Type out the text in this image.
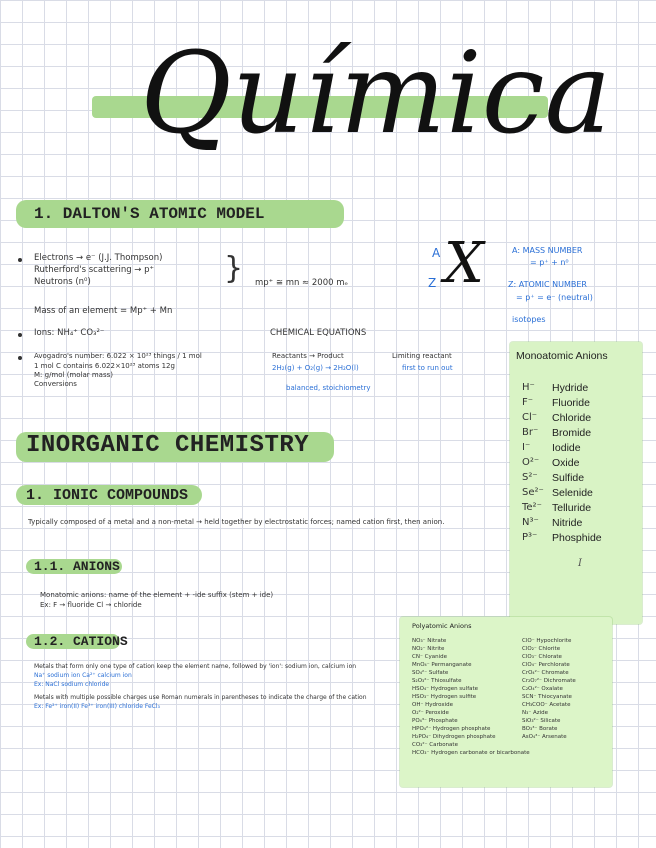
Química
1. DALTON'S ATOMIC MODEL
Electrons → e⁻ (J.J. Thompson)
Rutherford's scattering → p⁺
Neutrons (n⁰)	} mp⁺ ≅ mn ≈ 2000 mₑ
Mass of an element = Mp⁺ + Mn
Ions: NH₄⁺ CO₃²⁻	CHEMICAL EQUATIONS
Avogadro's number: 6.022 × 10²³ things / 1 mol
1 mol C contains 6.022×10²³ atoms 12g
M: g/mol (molar mass)
Conversions
Reactants → Product
2H₂(g) + O₂(g) → 2H₂O(l)
balanced, stoichiometry
Limiting reactant
first to run out
A
Z X	A: MASS NUMBER
= p⁺ + n⁰
Z: ATOMIC NUMBER
= p⁺ = e⁻ (neutral)
isotopes
INORGANIC CHEMISTRY
1. IONIC COMPOUNDS
Typically composed of a metal and a non-metal → held together by electrostatic forces; named cation first, then anion.
1.1. ANIONS
Monatomic anions: name of the element + -ide suffix (stem + ide)
Ex: F → fluoride Cl → chloride
1.2. CATIONS
Metals that form only one type of cation keep the element name, followed by 'ion': sodium ion, calcium ion
Na⁺ sodium ion Ca²⁺ calcium ion
Ex: NaCl sodium chloride
Metals with multiple possible charges use Roman numerals in parentheses to indicate the charge of the cation
Ex: Fe²⁺ iron(II) Fe³⁺ iron(III) chloride FeCl₃
Monoatomic Anions
H⁻	Hydride
F⁻	Fluoride
Cl⁻	Chloride
Br⁻	Bromide
I⁻	Iodide
O²⁻	Oxide
S²⁻	Sulfide
Se²⁻ Selenide
Te²⁻ Telluride
N³⁻	Nitride
P³⁻	Phosphide
I
Polyatomic Anions
NO₃⁻ Nitrate
NO₂⁻ Nitrite
CN⁻ Cyanide
MnO₄⁻ Permanganate
SO₄²⁻ Sulfate
S₂O₃²⁻ Thiosulfate
HSO₄⁻ Hydrogen sulfate
HSO₃⁻ Hydrogen sulfite
OH⁻ Hydroxide
O₂²⁻ Peroxide
PO₄³⁻ Phosphate
HPO₄²⁻ Hydrogen phosphate
H₂PO₄⁻ Dihydrogen phosphate
CO₃²⁻ Carbonate
HCO₃⁻ Hydrogen carbonate or bicarbonate
ClO⁻ Hypochlorite
ClO₂⁻ Chlorite
ClO₃⁻ Chlorate
ClO₄⁻ Perchlorate
CrO₄²⁻ Chromate
Cr₂O₇²⁻ Dichromate
C₂O₄²⁻ Oxalate
SCN⁻ Thiocyanate
CH₃COO⁻ Acetate
N₃⁻ Azide
SiO₃²⁻ Silicate
BO₃³⁻ Borate
AsO₄³⁻ Arsenate
